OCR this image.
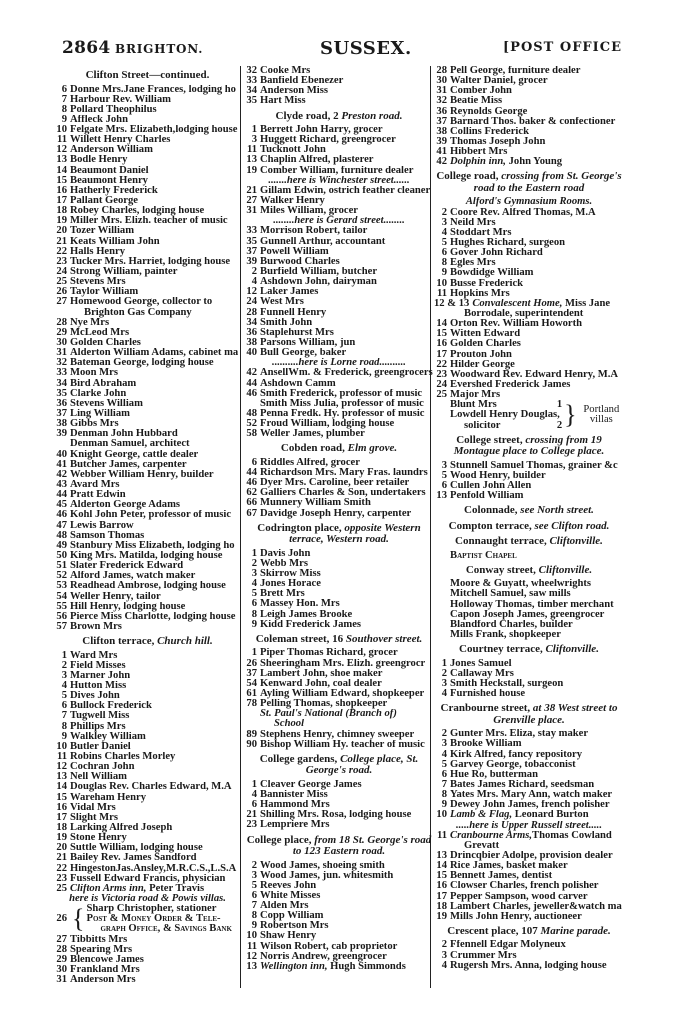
2864 BRIGHTON.	SUSSEX.	[POST OFFICE
Clifton Street—continued.
6 Donne Mrs.Jane Frances, lodging ho
7 Harbour Rev. William
8 Pollard Theophilus
9 Affleck John
10 Felgate Mrs. Elizabeth,lodging house
11 Willett Henry Charles
12 Anderson William
13 Bodle Henry
14 Beaumont Daniel
15 Beaumont Henry
16 Hatherly Frederick
17 Pallant George
18 Robey Charles, lodging house
19 Miller Mrs. Elizh. teacher of music
20 Tozer William
21 Keats William John
22 Halls Henry
23 Tucker Mrs. Harriet, lodging house
24 Strong William, painter
25 Stevens Mrs
26 Taylor William
27 Homewood George, collector to
Brighton Gas Company
28 Nye Mrs
29 McLeod Mrs
30 Golden Charles
31 Alderton William Adams, cabinet ma
32 Bateman George, lodging house
33 Moon Mrs
34 Bird Abraham
35 Clarke John
36 Stevens William
37 Ling William
38 Gibbs Mrs
39 Denman John Hubbard
Denman Samuel, architect
40 Knight George, cattle dealer
41 Butcher James, carpenter
42 Webber William Henry, builder
43 Avard Mrs
44 Pratt Edwin
45 Alderton George Adams
46 Kohl John Peter, professor of music
47 Lewis Barrow
48 Samson Thomas
49 Stanbury Miss Elizabeth, lodging ho
50 King Mrs. Matilda, lodging house
51 Slater Frederick Edward
52 Alford James, watch maker
53 Readhead Ambrose, lodging house
54 Weller Henry, tailor
55 Hill Henry, lodging house
56 Pierce Miss Charlotte, lodging house
57 Brown Mrs
Clifton terrace, Church hill.
1 Ward Mrs
2 Field Misses
3 Marner John
4 Hutton Miss
5 Dives John
6 Bullock Frederick
7 Tugwell Miss
8 Phillips Mrs
9 Walkley William
10 Butler Daniel
11 Robins Charles Morley
12 Cochran John
13 Nell William
14 Douglas Rev. Charles Edward, M.A
15 Wareham Henry
16 Vidal Mrs
17 Slight Mrs
18 Larking Alfred Joseph
19 Stone Henry
20 Suttle William, lodging house
21 Bailey Rev. James Sandford
22 HingestonJas.Ansley,M.R.C.S.,L.S.A
23 Fussell Edward Francis, physician
25 Clifton Arms inn, Peter Travis
here is Victoria road & Powis villas.
26 { Sharp Christopher, stationer
Post & Money Order & Tele-
graph Office, & Savings Bank
27 Tibbitts Mrs
28 Spearing Mrs
29 Blencowe James
30 Frankland Mrs
31 Anderson Mrs
32 Cooke Mrs
33 Banfield Ebenezer
34 Anderson Miss
35 Hart Miss
Clyde road, 2 Preston road.
1 Berrett John Harry, grocer
3 Huggett Richard, greengrocer
11 Tucknott John
13 Chaplin Alfred, plasterer
19 Comber William, furniture dealer
.......here is Winchester street......
21 Gillam Edwin, ostrich feather cleaner
27 Walker Henry
31 Miles William, grocer
........here is Gerard street........
33 Morrison Robert, tailor
35 Gunnell Arthur, accountant
37 Powell William
39 Burwood Charles
2 Burfield William, butcher
4 Ashdown John, dairyman
12 Laker James
24 West Mrs
28 Funnell Henry
34 Smith John
36 Staplehurst Mrs
38 Parsons William, jun
40 Bull George, baker
..........here is Lorne road..........
42 AnsellWm. & Frederick, greengrocers
44 Ashdown Camm
46 Smith Frederick, professor of music
Smith Miss Julia, professor of music
48 Penna Fredk. Hy. professor of music
52 Froud William, lodging house
58 Weller James, plumber
Cobden road, Elm grove.
6 Riddles Alfred, grocer
44 Richardson Mrs. Mary Fras. laundrs
46 Dyer Mrs. Caroline, beer retailer
62 Galliers Charles & Son, undertakers
66 Munnery William Smith
67 Davidge Joseph Henry, carpenter
Codrington place, opposite Western terrace, Western road.
1 Davis John
2 Webb Mrs
3 Skirrow Miss
4 Jones Horace
5 Brett Mrs
6 Massey Hon. Mrs
8 Leigh James Brooke
9 Kidd Frederick James
Coleman street, 16 Southover street.
1 Piper Thomas Richard, grocer
26 Sheeringham Mrs. Elizh. greengrocr
37 Lambert John, shoe maker
54 Kenward John, coal dealer
61 Ayling William Edward, shopkeeper
78 Pelling Thomas, shopkeeper
St. Paul's National (Branch of)
School
89 Stephens Henry, chimney sweeper
90 Bishop William Hy. teacher of music
College gardens, College place, St. George's road.
1 Cleaver George James
4 Bannister Miss
6 Hammond Mrs
21 Shilling Mrs. Rosa, lodging house
23 Lempriere Mrs
College place, from 18 St. George's road to 123 Eastern road.
2 Wood James, shoeing smith
3 Wood James, jun. whitesmith
5 Reeves John
6 White Misses
7 Alden Mrs
8 Copp William
9 Robertson Mrs
10 Shaw Henry
11 Wilson Robert, cab proprietor
12 Norris Andrew, greengrocer
13 Wellington inn, Hugh Simmonds
28 Pell George, furniture dealer
30 Walter Daniel, grocer
31 Comber John
32 Beatie Miss
36 Reynolds George
37 Barnard Thos. baker & confectioner
38 Collins Frederick
39 Thomas Joseph John
41 Hibbert Mrs
42 Dolphin inn, John Young
College road, crossing from St. George's road to the Eastern road
Alford's Gymnasium Rooms.
2 Coore Rev. Alfred Thomas, M.A
3 Neild Mrs
4 Stoddart Mrs
5 Hughes Richard, surgeon
6 Gover John Richard
8 Egles Mrs
9 Bowdidge William
10 Busse Frederick
11 Hopkins Mrs
12 & 13 Convalescent Home, Miss Jane
Borrodale, superintendent
14 Orton Rev. William Howorth
15 Witten Edward
16 Golden Charles
17 Prouton John
22 Hilder George
23 Woodward Rev. Edward Henry, M.A
24 Evershed Frederick James
25 Major Mrs
Blunt Mrs	1
Lowdell Henry Douglas,
solicitor	2 } Portland villas
College street, crossing from 19 Montague place to College place.
3 Stunnell Samuel Thomas, grainer &c
5 Wood Henry, builder
6 Cullen John Allen
13 Penfold William
Colonnade, see North street.
Compton terrace, see Clifton road.
Connaught terrace, Cliftonville.
Baptist Chapel
Conway street, Cliftonville.
Moore & Guyatt, wheelwrights
Mitchell Samuel, saw mills
Holloway Thomas, timber merchant
Capon Joseph James, greengrocer
Blandford Charles, builder
Mills Frank, shopkeeper
Courtney terrace, Cliftonville.
1 Jones Samuel
2 Callaway Mrs
3 Smith Heckstall, surgeon
4 Furnished house
Cranbourne street, at 38 West street to Grenville place.
2 Gunter Mrs. Eliza, stay maker
3 Brooke William
4 Kirk Alfred, fancy repository
5 Garvey George, tobacconist
6 Hue Ro, butterman
7 Bates James Richard, seedsman
8 Yates Mrs. Mary Ann, watch maker
9 Dewey John James, french polisher
10 Lamb & Flag, Leonard Burton
.....here is Upper Russell street.....
11 Cranbourne Arms,Thomas Cowland
Grevatt
13 Drincqbier Adolpe, provision dealer
14 Rice James, basket maker
15 Bennett James, dentist
16 Clowser Charles, french polisher
17 Pepper Sampson, wood carver
18 Lambert Charles, jeweller&watch ma
19 Mills John Henry, auctioneer
Crescent place, 107 Marine parade.
2 Ffennell Edgar Molyneux
3 Crummer Mrs
4 Rugersh Mrs. Anna, lodging house
